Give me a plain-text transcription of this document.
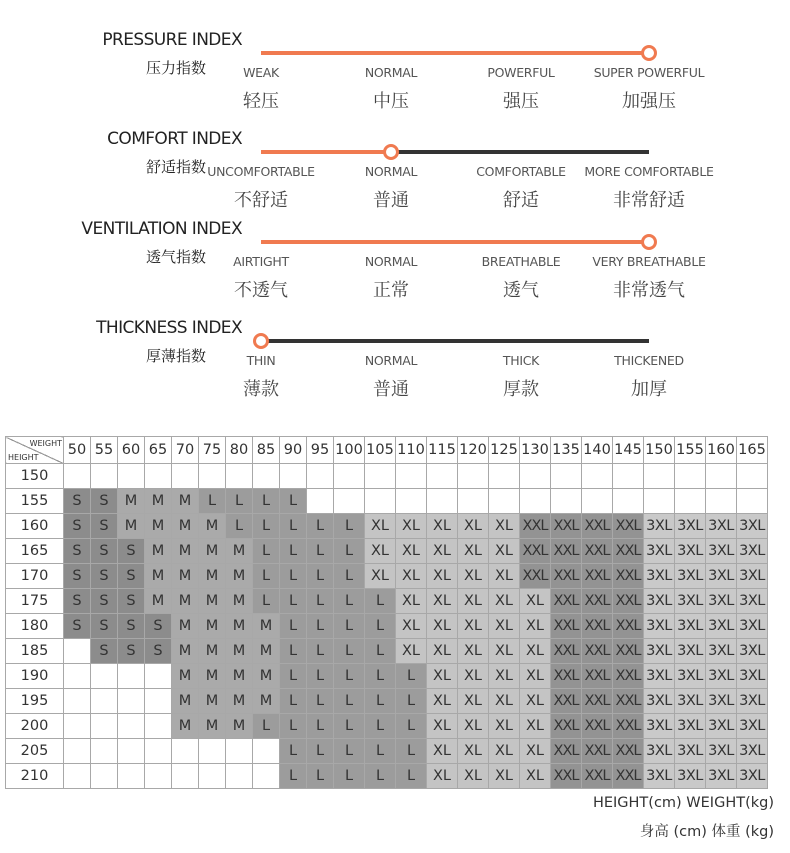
PRESSURE INDEX
压力指数	WEAK
轻压
NORMAL
中压
POWERFUL
强压
SUPER POWERFUL
加强压
COMFORT INDEX
舒适指数 UNCOMFORTABLE
不舒适
NORMAL
普通
COMFORTABLE
舒适
MORE COMFORTABLE
非常舒适
VENTILATION INDEX
透气指数	AIRTIGHT
不透气
NORMAL
正常
BREATHABLE
透气
VERY BREATHABLE
非常透气
THICKNESS INDEX
厚薄指数	THIN
薄款
NORMAL
普通
THICK
厚款
THICKENED
加厚
WEIGHT
HEIGHT	50	55	60	65	70	75	80	85	90	95	100	105	110	115	120	125	130	135	140	145	150	155	160	165
150																								
155	S	S	M	M	M	L	L	L	L															
160	S	S	M	M	M	M	L	L	L	L	L	XL	XL	XL	XL	XL	XXL	XXL	XXL	XXL	3XL	3XL	3XL	3XL
165	S	S	S	M	M	M	M	L	L	L	L	XL	XL	XL	XL	XL	XXL	XXL	XXL	XXL	3XL	3XL	3XL	3XL
170	S	S	S	M	M	M	M	L	L	L	L	XL	XL	XL	XL	XL	XXL	XXL	XXL	XXL	3XL	3XL	3XL	3XL
175	S	S	S	M	M	M	M	L	L	L	L	L	XL	XL	XL	XL	XL	XXL	XXL	XXL	3XL	3XL	3XL	3XL
180	S	S	S	S	M	M	M	M	L	L	L	L	XL	XL	XL	XL	XL	XXL	XXL	XXL	3XL	3XL	3XL	3XL
185		S	S	S	M	M	M	M	L	L	L	L	XL	XL	XL	XL	XL	XXL	XXL	XXL	3XL	3XL	3XL	3XL
190					M	M	M	M	L	L	L	L	L	XL	XL	XL	XL	XXL	XXL	XXL	3XL	3XL	3XL	3XL
195					M	M	M	M	L	L	L	L	L	XL	XL	XL	XL	XXL	XXL	XXL	3XL	3XL	3XL	3XL
200					M	M	M	L	L	L	L	L	L	XL	XL	XL	XL	XXL	XXL	XXL	3XL	3XL	3XL	3XL
205									L	L	L	L	L	XL	XL	XL	XL	XXL	XXL	XXL	3XL	3XL	3XL	3XL
210									L	L	L	L	L	XL	XL	XL	XL	XXL	XXL	XXL	3XL	3XL	3XL	3XL
HEIGHT(cm) WEIGHT(kg)
身高 (cm) 体重 (kg)
